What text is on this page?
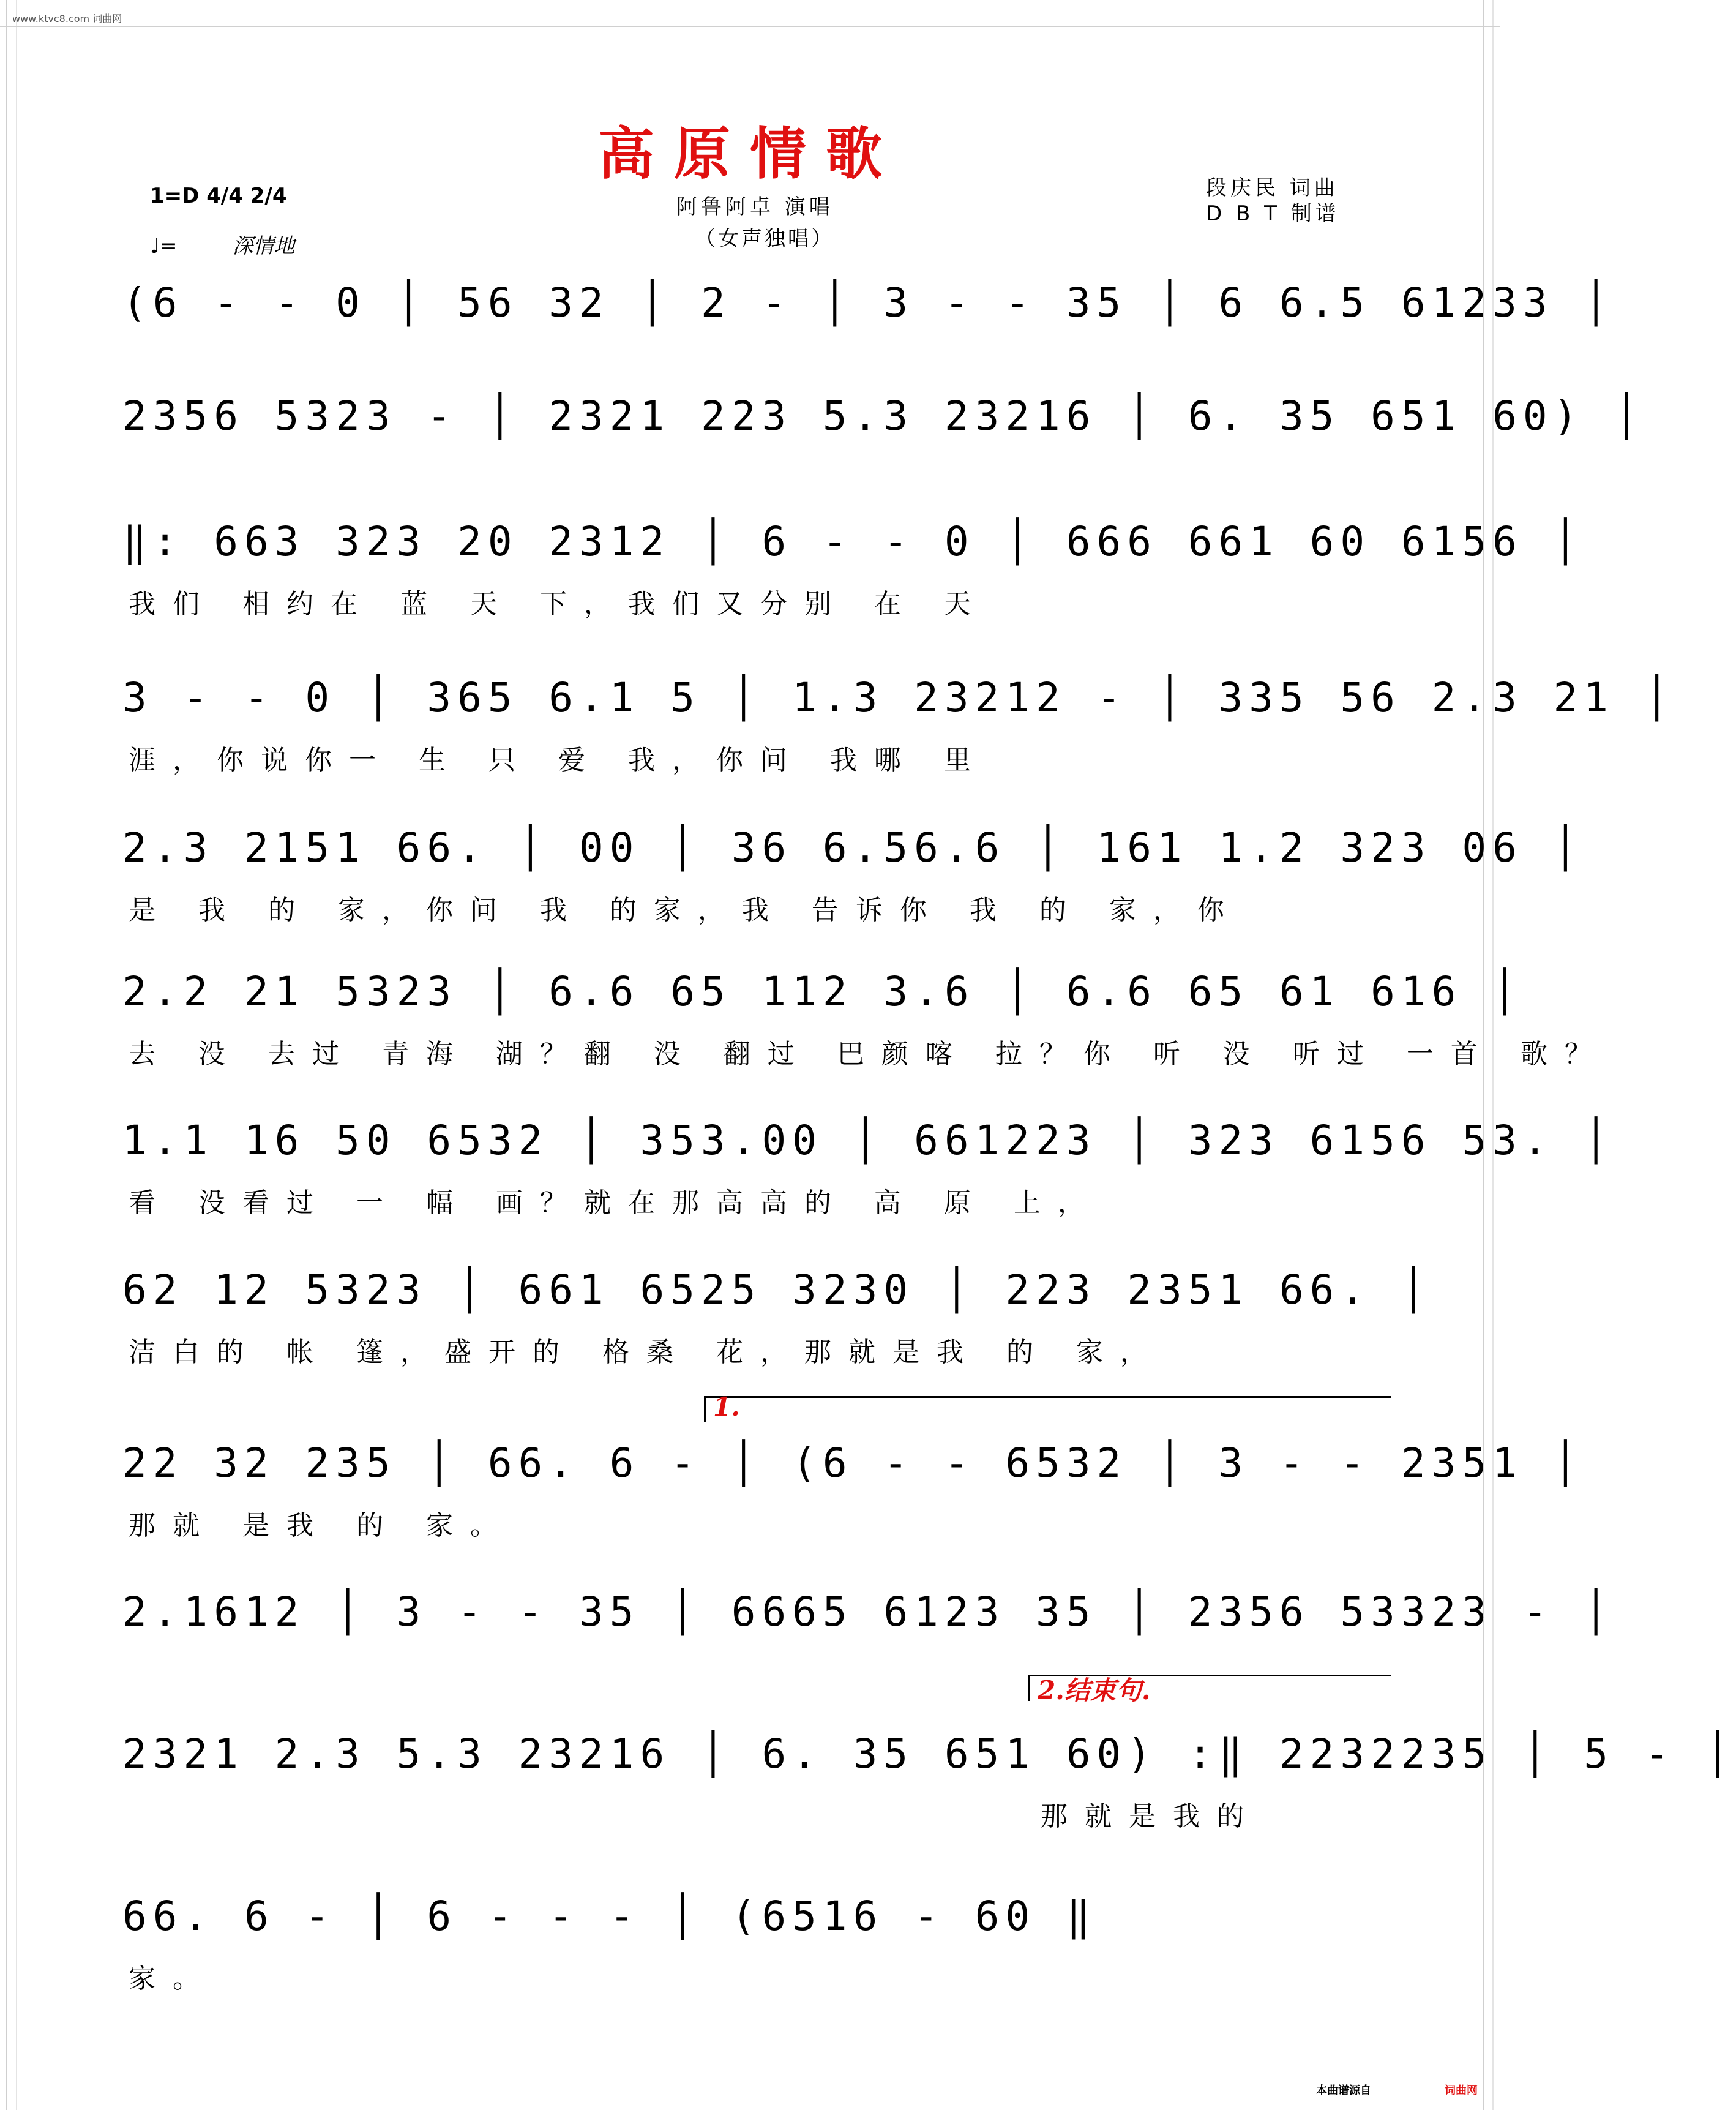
www.ktvc8.com 词曲网
高原情歌
1=D 4/4 2/4
♩=	深情地
阿鲁阿卓 演唱
（女声独唱）
段庆民 词曲
D B T 制谱
(6 - - 0 │ 56 32 │ 2 - │ 3 - - 35 │ 6 6.5 61233 │
2356 5323 - │ 2321 223 5.3 23216 │ 6. 35 651 60) │
‖: 663 323 20 2312 │ 6 - - 0 │ 666 661 60 6156 │
我们 相约在 蓝 天 下，我们又分别 在 天
3 - - 0 │ 365 6.1 5 │ 1.3 23212 - │ 335 56 2.3 21 │
涯，你说你一 生 只 爱 我，你问 我哪 里
2.3 2151 66. │ 00 │ 36 6.56.6 │ 161 1.2 323 06 │
是 我 的 家，你问 我 的家，我 告诉你 我 的 家，你
2.2 21 5323 │ 6.6 65 112 3.6 │ 6.6 65 61 616 │
去 没 去过 青海 湖？翻 没 翻过 巴颜喀 拉？你 听 没 听过 一首 歌？
1.1 16 50 6532 │ 353.00 │ 661223 │ 323 6156 53. │
看 没看过 一 幅 画？就在那高高的 高 原 上，
62 12 5323 │ 661 6525 3230 │ 223 2351 66. │
洁白的 帐 篷，盛开的 格桑 花，那就是我 的 家，
22 32 235 │ 66. 6 - │ (6 - - 6532 │ 3 - - 2351 │
那就 是我 的 家。
2.1612 │ 3 - - 35 │ 6665 6123 35 │ 2356 53323 - │
2321 2.3 5.3 23216 │ 6. 35 651 60) :‖ 2232235 │ 5 - │
那就是我的
66. 6 - │ 6 - - - │ (6516 - 60 ‖
家。
1.
2.结束句.
本曲谱源自	词曲网
